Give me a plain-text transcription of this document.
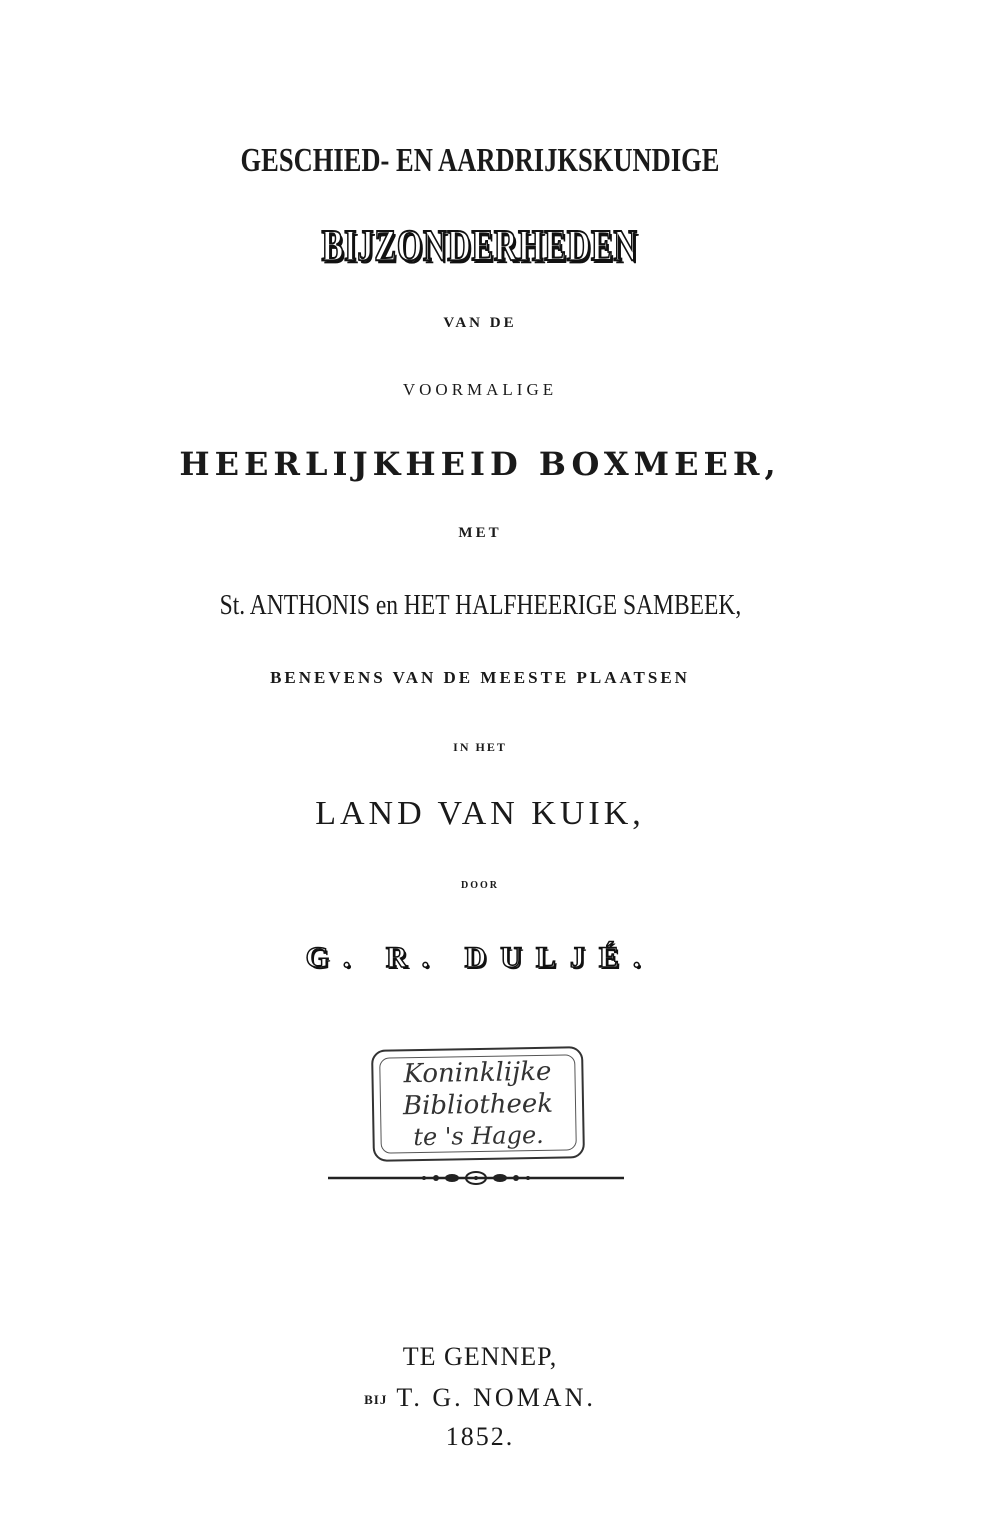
GESCHIED- EN AARDRIJKSKUNDIGE
BIJZONDERHEDEN
VAN DE
VOORMALIGE
HEERLIJKHEID BOXMEER,
MET
St. ANTHONIS en HET HALFHEERIGE SAMBEEK,
BENEVENS VAN DE MEESTE PLAATSEN
IN HET
LAND VAN KUIK,
DOOR
G. R. DULJÉ.
Koninklijke
Bibliotheek
te 's Hage.
TE GENNEP,
BIJ T. G. NOMAN.
1852.
